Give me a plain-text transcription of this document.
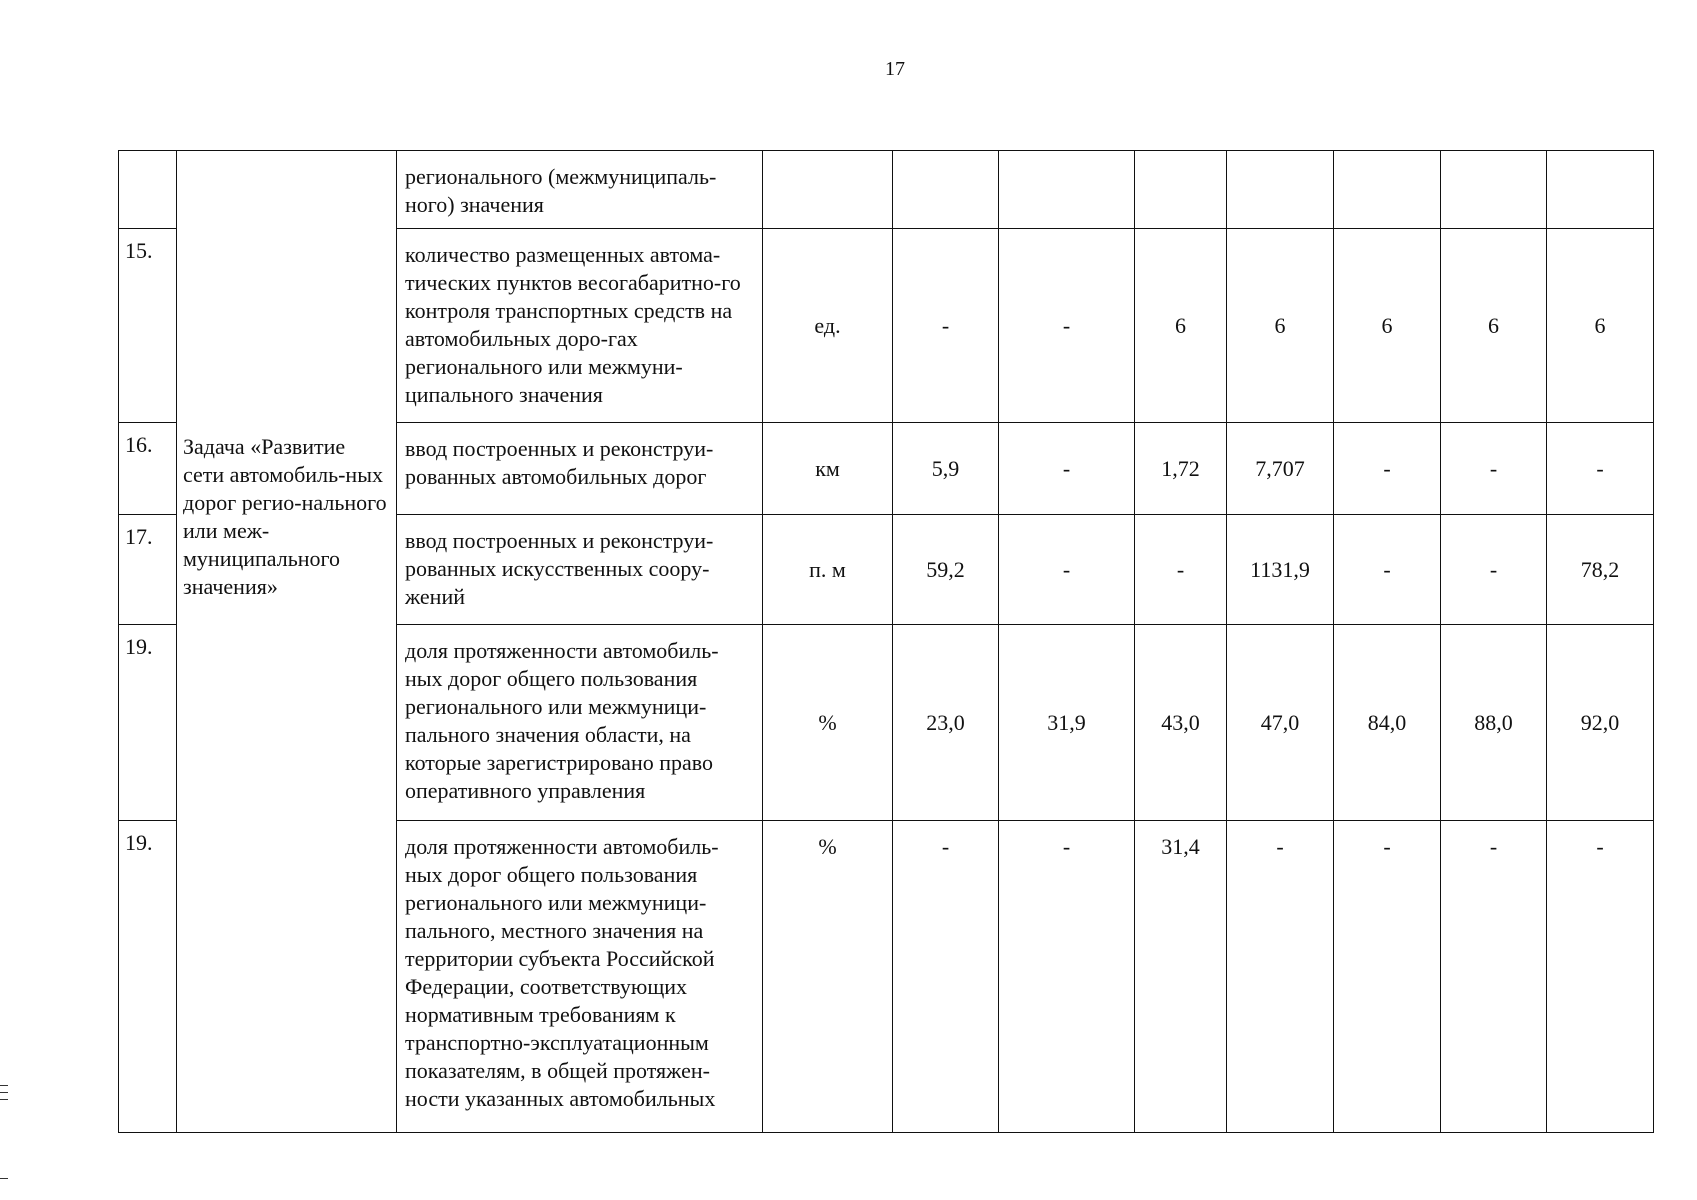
17

	Задача «Развитие сети автомобиль-ных дорог регио-нального или меж-муниципального значения»	регионального (межмуниципаль-ного) значения								
15.		количество размещенных автома-тических пунктов весогабаритно-го контроля транспортных средств на автомобильных доро-гах регионального или межмуни-ципального значения	ед.	-	-	6	6	6	6	6
16.		ввод построенных и реконструи-рованных автомобильных дорог	км	5,9	-	1,72	7,707	-	-	-
17.		ввод построенных и реконструи-рованных искусственных соору-жений	п. м	59,2	-	-	1131,9	-	-	78,2
19.		доля протяженности автомобиль-ных дорог общего пользования регионального или межмуници-пального значения области, на которые зарегистрировано право оперативного управления	%	23,0	31,9	43,0	47,0	84,0	88,0	92,0
19.		доля протяженности автомобиль-ных дорог общего пользования регионального или межмуници-пального, местного значения на территории субъекта Российской Федерации, соответствующих нормативным требованиям к транспортно-эксплуатационным показателям, в общей протяжен-ности указанных автомобильных	%	-	-	31,4	-	-	-	-
